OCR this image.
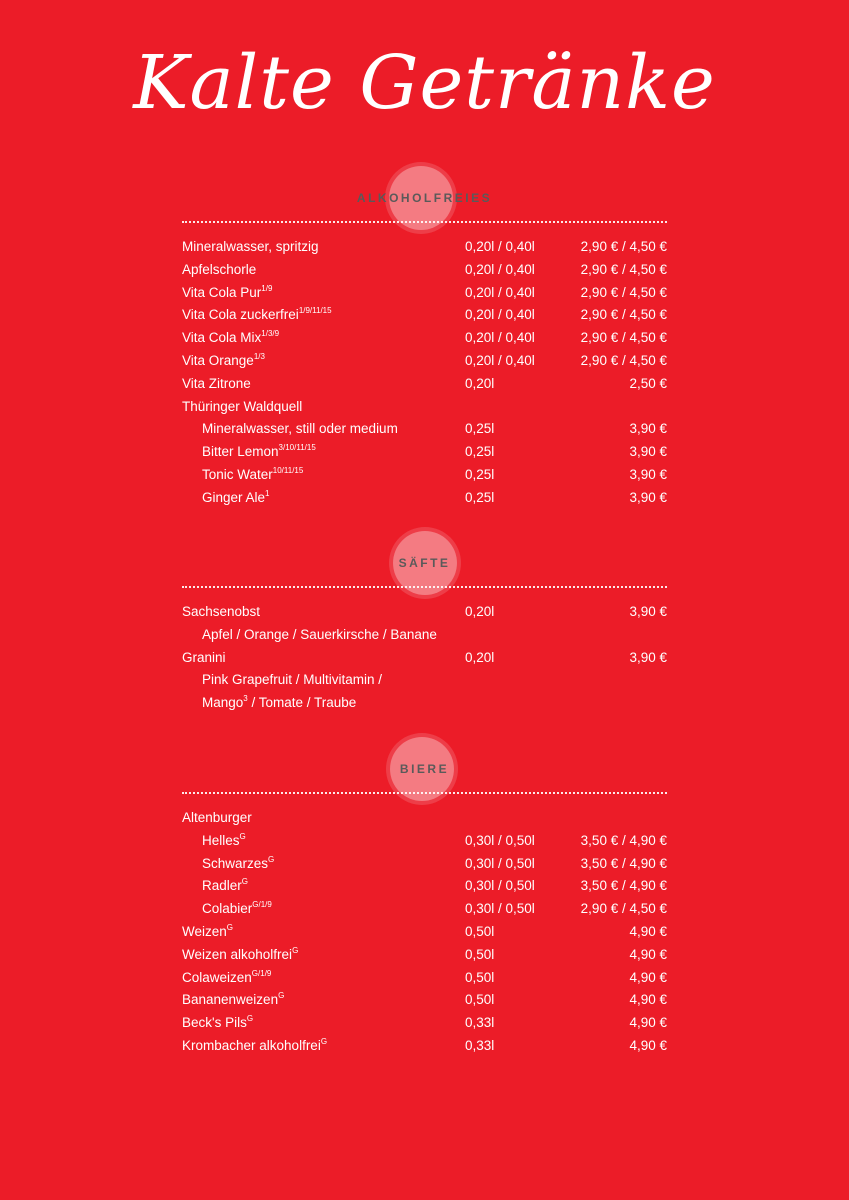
Kalte Getränke
ALKOHOLFREIES
Mineralwasser, spritzig	0,20l / 0,40l	2,90 € / 4,50 €
Apfelschorle	0,20l / 0,40l	2,90 € / 4,50 €
Vita Cola Pur$^{1/9}$	0,20l / 0,40l	2,90 € / 4,50 €
Vita Cola zuckerfrei$^{1/9/11/15}$	0,20l / 0,40l	2,90 € / 4,50 €
Vita Cola Mix$^{1/3/9}$	0,20l / 0,40l	2,90 € / 4,50 €
Vita Orange$^{1/3}$	0,20l / 0,40l	2,90 € / 4,50 €
Vita Zitrone	0,20l	2,50 €
Thüringer Waldquell
Mineralwasser, still oder medium	0,25l	3,90 €
Bitter Lemon$^{3/10/11/15}$	0,25l	3,90 €
Tonic Water$^{10/11/15}$	0,25l	3,90 €
Ginger Ale$^1$	0,25l	3,90 €
SÄFTE
Sachsenobst	0,20l	3,90 €
Apfel / Orange / Sauerkirsche / Banane
Granini	0,20l	3,90 €
Pink Grapefruit / Multivitamin /
Mango$^3$ / Tomate / Traube
BIERE
Altenburger
Helles$^G$	0,30l / 0,50l	3,50 € / 4,90 €
Schwarzes$^G$	0,30l / 0,50l	3,50 € / 4,90 €
Radler$^G$	0,30l / 0,50l	3,50 € / 4,90 €
Colabier$^{G/1/9}$	0,30l / 0,50l	2,90 € / 4,50 €
Weizen$^G$	0,50l	4,90 €
Weizen alkoholfrei$^G$	0,50l	4,90 €
Colaweizen$^{G/1/9}$	0,50l	4,90 €
Bananenweizen$^G$	0,50l	4,90 €
Beck's Pils$^G$	0,33l	4,90 €
Krombacher alkoholfrei$^G$	0,33l	4,90 €
